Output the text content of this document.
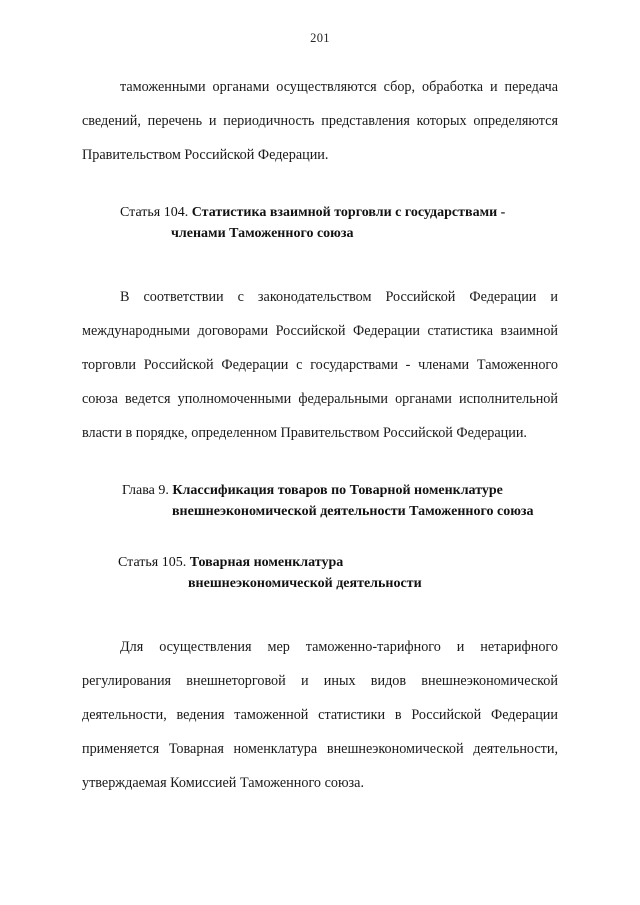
201

таможенными органами осуществляются сбор, обработка и передача сведений, перечень и периодичность представления которых определяются Правительством Российской Федерации.

Статья 104. Статистика взаимной торговли с государствами -
членами Таможенного союза

В соответствии с законодательством Российской Федерации и международными договорами Российской Федерации статистика взаимной торговли Российской Федерации с государствами - членами Таможенного союза ведется уполномоченными федеральными органами исполнительной власти в порядке, определенном Правительством Российской Федерации.

Глава 9. Классификация товаров по Товарной номенклатуре
внешнеэкономической деятельности Таможенного союза
Статья 105. Товарная номенклатура
внешнеэкономической деятельности

Для осуществления мер таможенно-тарифного и нетарифного регулирования внешнеторговой и иных видов внешнеэкономической деятельности, ведения таможенной статистики в Российской Федерации применяется Товарная номенклатура внешнеэкономической деятельности, утверждаемая Комиссией Таможенного союза.
